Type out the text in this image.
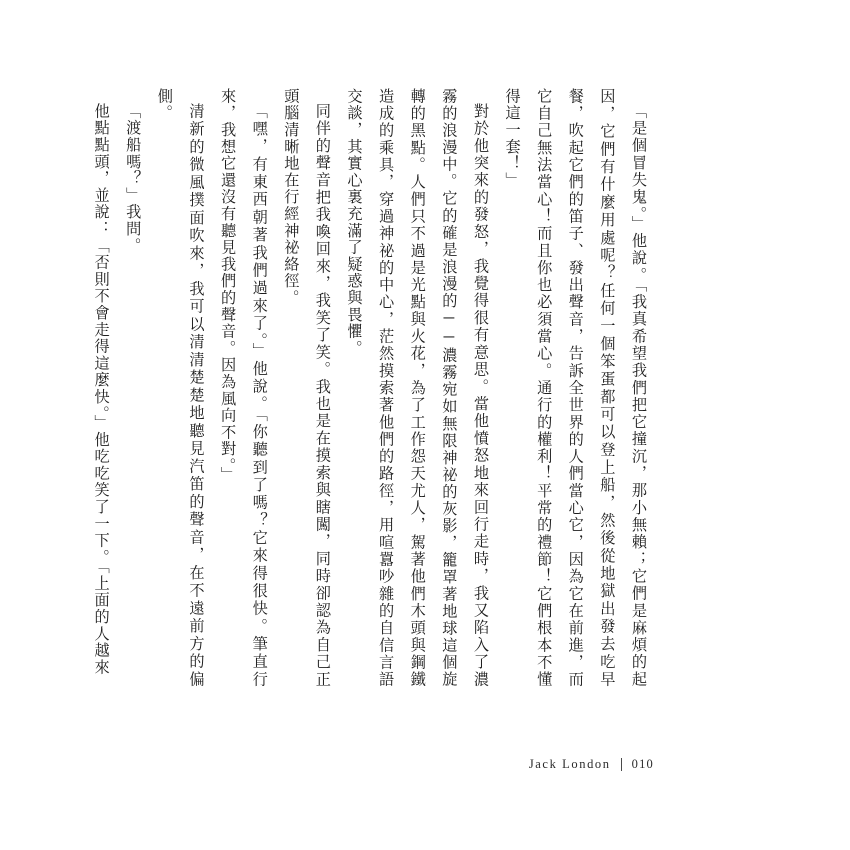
「是個冒失鬼。」他說。「我真希望我們把它撞沉，那小無賴；它們是麻煩的起因，它們有什麼用處呢？任何一個笨蛋都可以登上船，然後從地獄出發去吃早餐，吹起它們的笛子、發出聲音，告訴全世界的人們當心它，因為它在前進，而它自己無法當心！而且你也必須當心。通行的權利！平常的禮節！它們根本不懂得這一套！」

對於他突來的發怒，我覺得很有意思。當他憤怒地來回行走時，我又陷入了濃霧的浪漫中。它的確是浪漫的──濃霧宛如無限神祕的灰影，籠罩著地球這個旋轉的黑點。人們只不過是光點與火花，為了工作怨天尤人，駕著他們木頭與鋼鐵造成的乘具，穿過神祕的中心，茫然摸索著他們的路徑，用喧囂吵雜的自信言語交談，其實心裏充滿了疑惑與畏懼。

同伴的聲音把我喚回來，我笑了笑。我也是在摸索與瞎闖，同時卻認為自己正頭腦清晰地在行經神祕絡徑。

「嘿，有東西朝著我們過來了。」他說。「你聽到了嗎？它來得很快。筆直行來，我想它還沒有聽見我們的聲音。因為風向不對。」

清新的微風撲面吹來，我可以清清楚楚地聽見汽笛的聲音，在不遠前方的偏側。

「渡船嗎？」我問。

他點點頭，並說：「否則不會走得這麼快。」他吃吃笑了一下。「上面的人越來

Jack London 010
